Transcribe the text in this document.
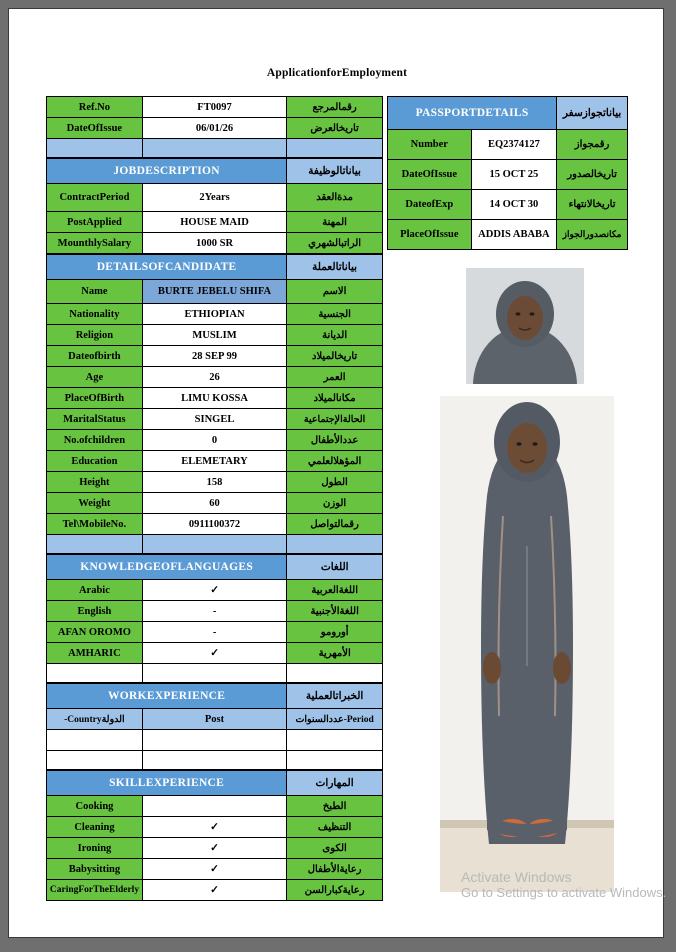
ApplicationforEmployment
Ref.No	FT0097	رقمالمرجع
DateOfIssue	06/01/26	تاريخالعرض

JOBDESCRIPTION		بياناتالوظيفة
ContractPeriod	2Years	مدةالعقد
PostApplied	HOUSE MAID	المهنة
MounthlySalary	1000 SR	الراتبالشهري
DETAILSOFCANDIDATE		بياناتالعملة
Name	BURTE JEBELU SHIFA	الاسم
Nationality	ETHIOPIAN	الجنسية
Religion	MUSLIM	الديانة
Dateofbirth	28 SEP 99	تاريخالميلاد
Age	26	العمر
PlaceOfBirth	LIMU KOSSA	مكانالميلاد
MaritalStatus	SINGEL	الحالةالإجتماعية
No.ofchildren	0	عددالأطفال
Education	ELEMETARY	المؤهلالعلمي
Height	158	الطول
Weight	60	الوزن
Tel\MobileNo.	0911100372	رقمالتواصل

KNOWLEDGEOFLANGUAGES		اللغات
Arabic	✓	اللغةالعربية
English	-	اللغةالأجنبية
AFAN OROMO	-	أورومو
AMHARIC	✓	الأمهرية

WORKEXPERIENCE		الخبراتالعملية
-Countryالدولة	Post	عددالسنوات-Period

SKILLEXPERIENCE		المهارات
Cooking		الطبخ
Cleaning	✓	التنظيف
Ironing	✓	الكوى
Babysitting	✓	رعايةالأطفال
CaringForTheElderly	✓	رعايةكبارالسن
PASSPORTDETAILS		بياناتجوازسفر
Number	EQ2374127	رقمجواز
DateOfIssue	15 OCT 25	تاريخالصدور
DateofExp	14 OCT 30	تاريخالانتهاء
PlaceOfIssue	ADDIS ABABA	مكانصدورالجواز
Activate Windows
Go to Settings to activate Windows.
